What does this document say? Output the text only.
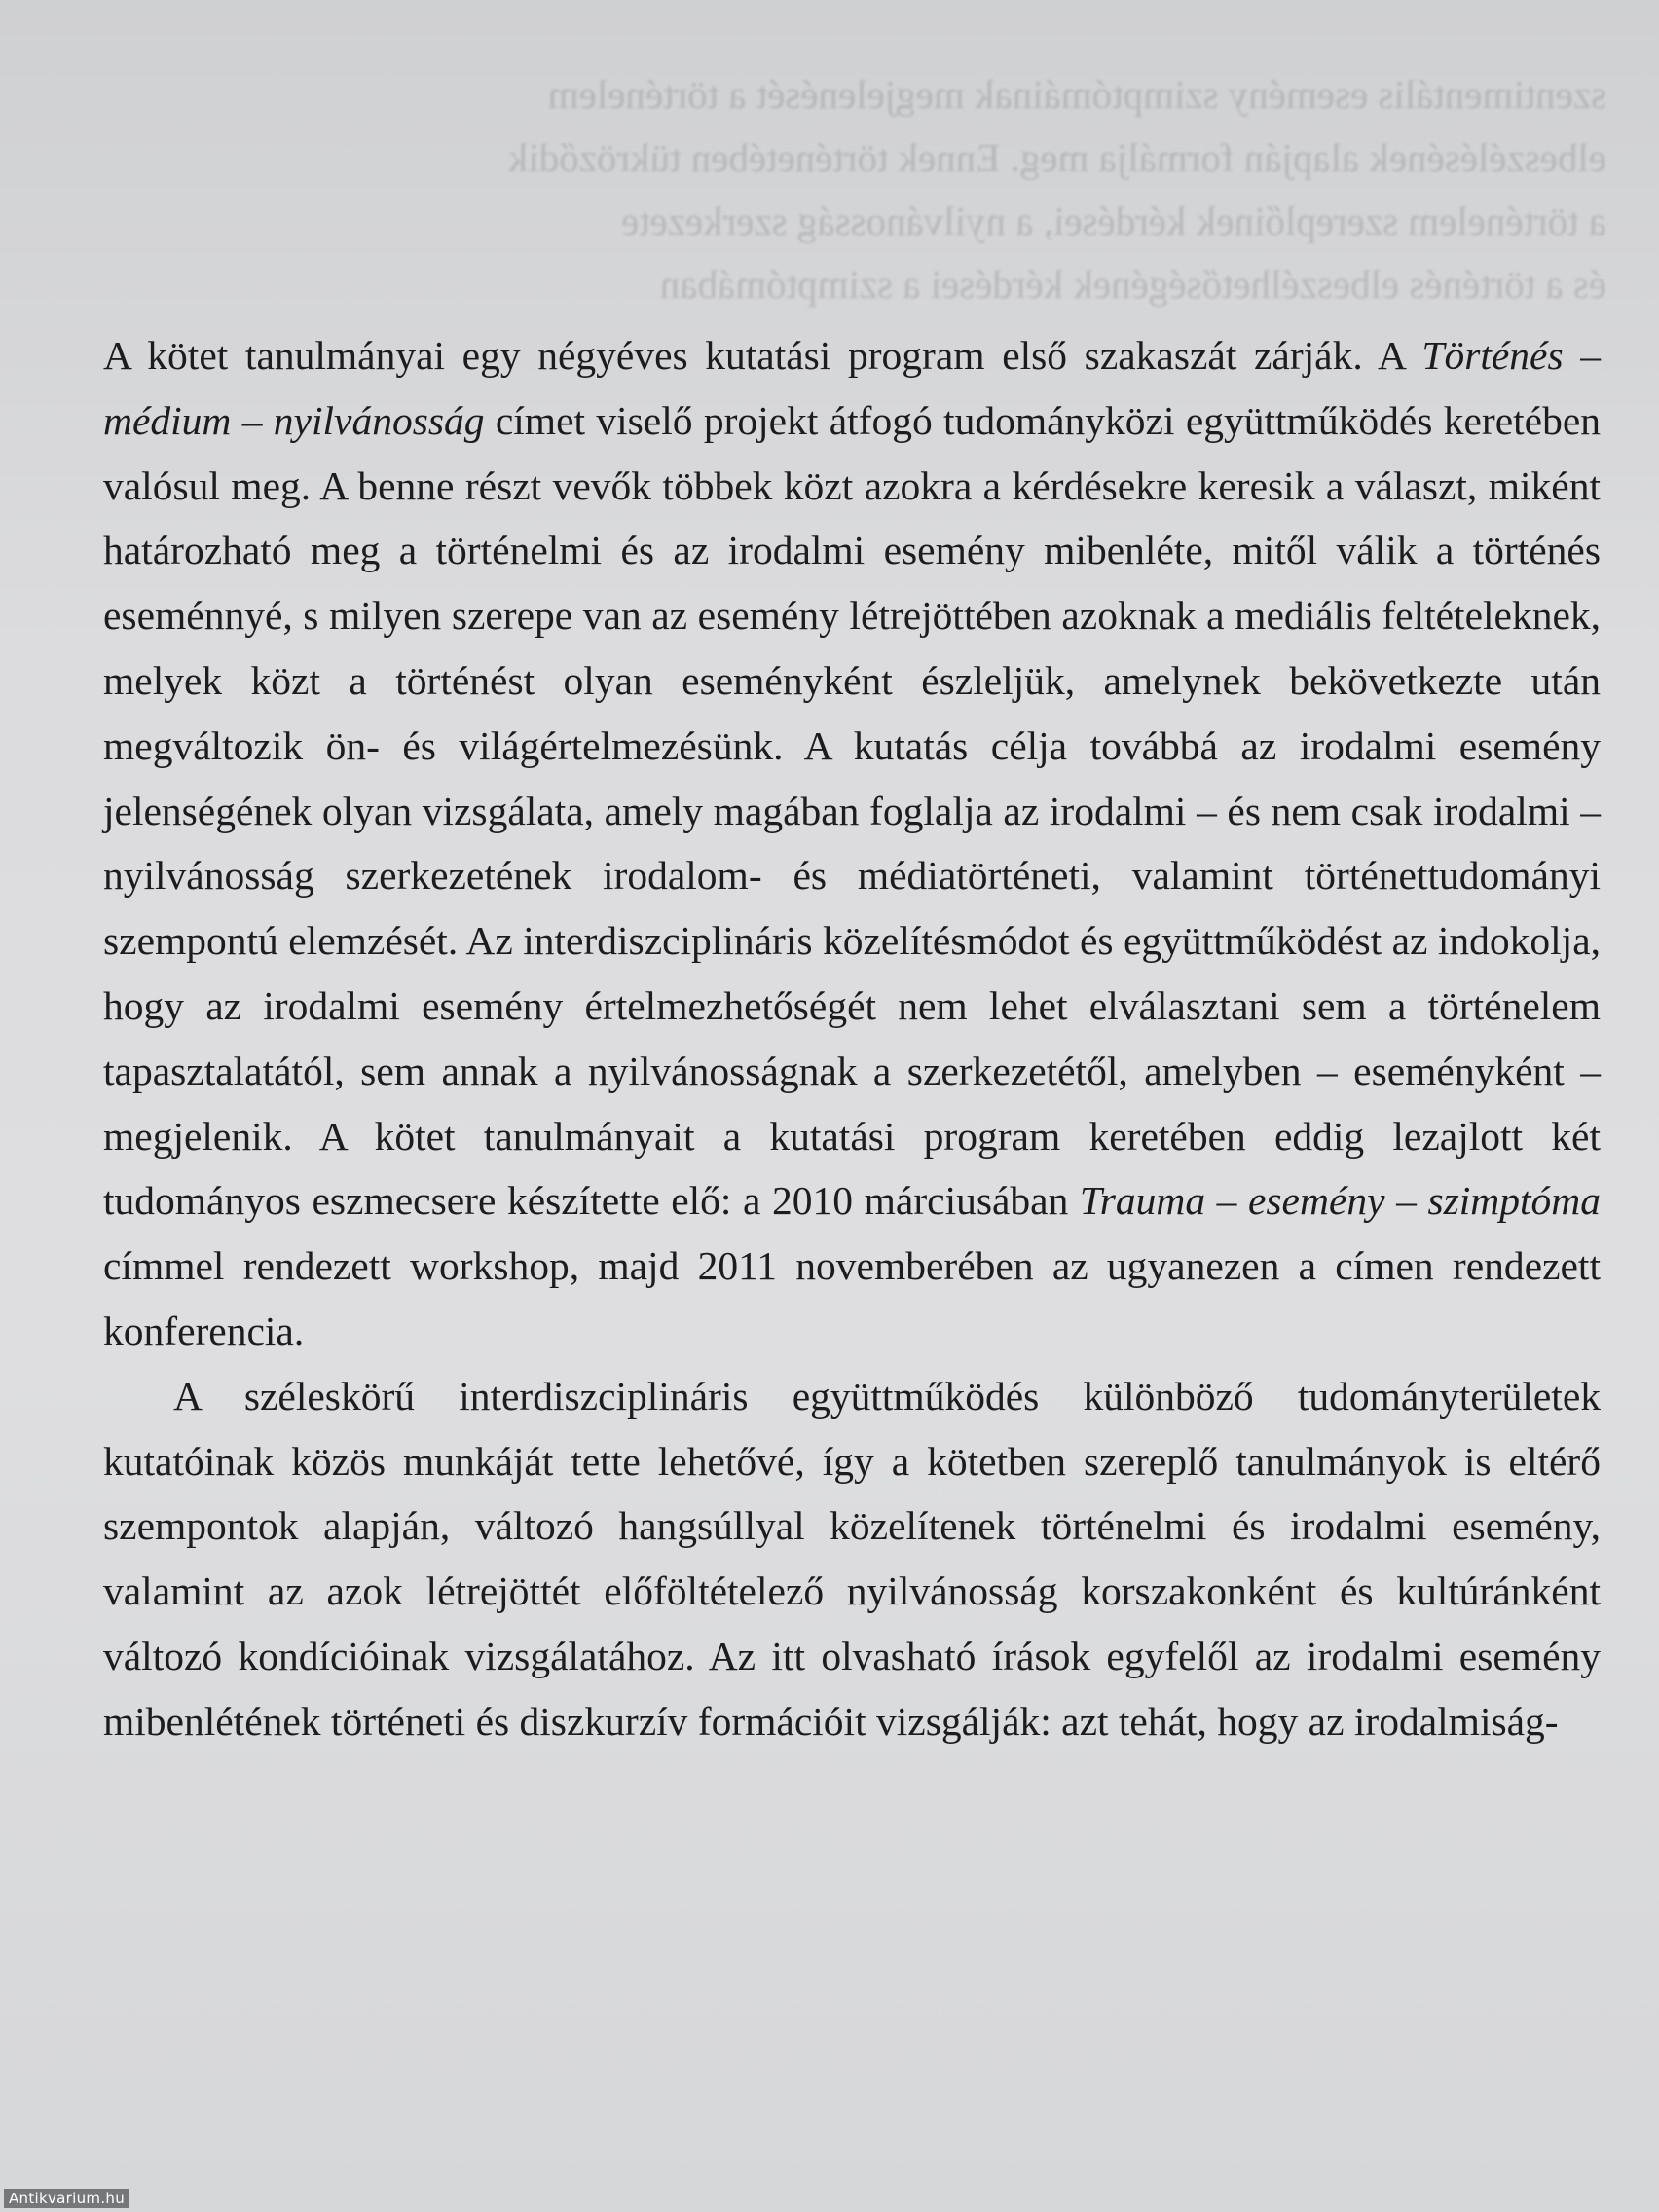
szentimentális esemény szimptómáinak megjelenését a történelem

elbeszélésének alapján formálja meg. Ennek történetében tükröződik

a történelem szereplőinek kérdései, a nyilvánosság szerkezete

és a történés elbeszélhetőségének kérdései a szimptómában

A kötet tanulmányai egy négyéves kutatási program első szakaszát zárják. A Történés – médium – nyilvánosság címet viselő projekt átfogó tudományközi együttműködés keretében valósul meg. A benne részt vevők többek közt azokra a kérdésekre keresik a választ, miként határozható meg a történelmi és az irodalmi esemény mibenléte, mitől válik a történés eseménnyé, s milyen szerepe van az esemény létrejöttében azoknak a mediális feltételeknek, melyek közt a történést olyan eseményként észleljük, amelynek bekövetkezte után megváltozik ön- és világértelmezésünk. A kutatás célja továbbá az irodalmi esemény jelenségének olyan vizsgálata, amely magában foglalja az irodalmi – és nem csak irodalmi – nyilvánosság szerkezetének irodalom- és médiatörténeti, valamint történettudományi szempontú elemzését. Az interdiszciplináris közelítésmódot és együttműködést az indokolja, hogy az irodalmi esemény értelmezhetőségét nem lehet elválasztani sem a történelem tapasztalatától, sem annak a nyilvánosságnak a szerkezetétől, amelyben – eseményként – megjelenik. A kötet tanulmányait a kutatási program keretében eddig lezajlott két tudományos eszmecsere készítette elő: a 2010 márciusában Trauma – esemény – szimptóma címmel rendezett workshop, majd 2011 novemberében az ugyanezen a címen rendezett konferencia.

A széleskörű interdiszciplináris együttműködés különböző tudományterületek kutatóinak közös munkáját tette lehetővé, így a kötetben szereplő tanulmányok is eltérő szempontok alapján, változó hangsúllyal közelítenek történelmi és irodalmi esemény, valamint az azok létrejöttét előföltételező nyilvánosság korszakonként és kultúránként változó kondícióinak vizsgálatához. Az itt olvasható írások egyfelől az irodalmi esemény mibenlétének történeti és diszkurzív formációit vizsgálják: azt tehát, hogy az irodalmiság-

Antikvarium.hu
